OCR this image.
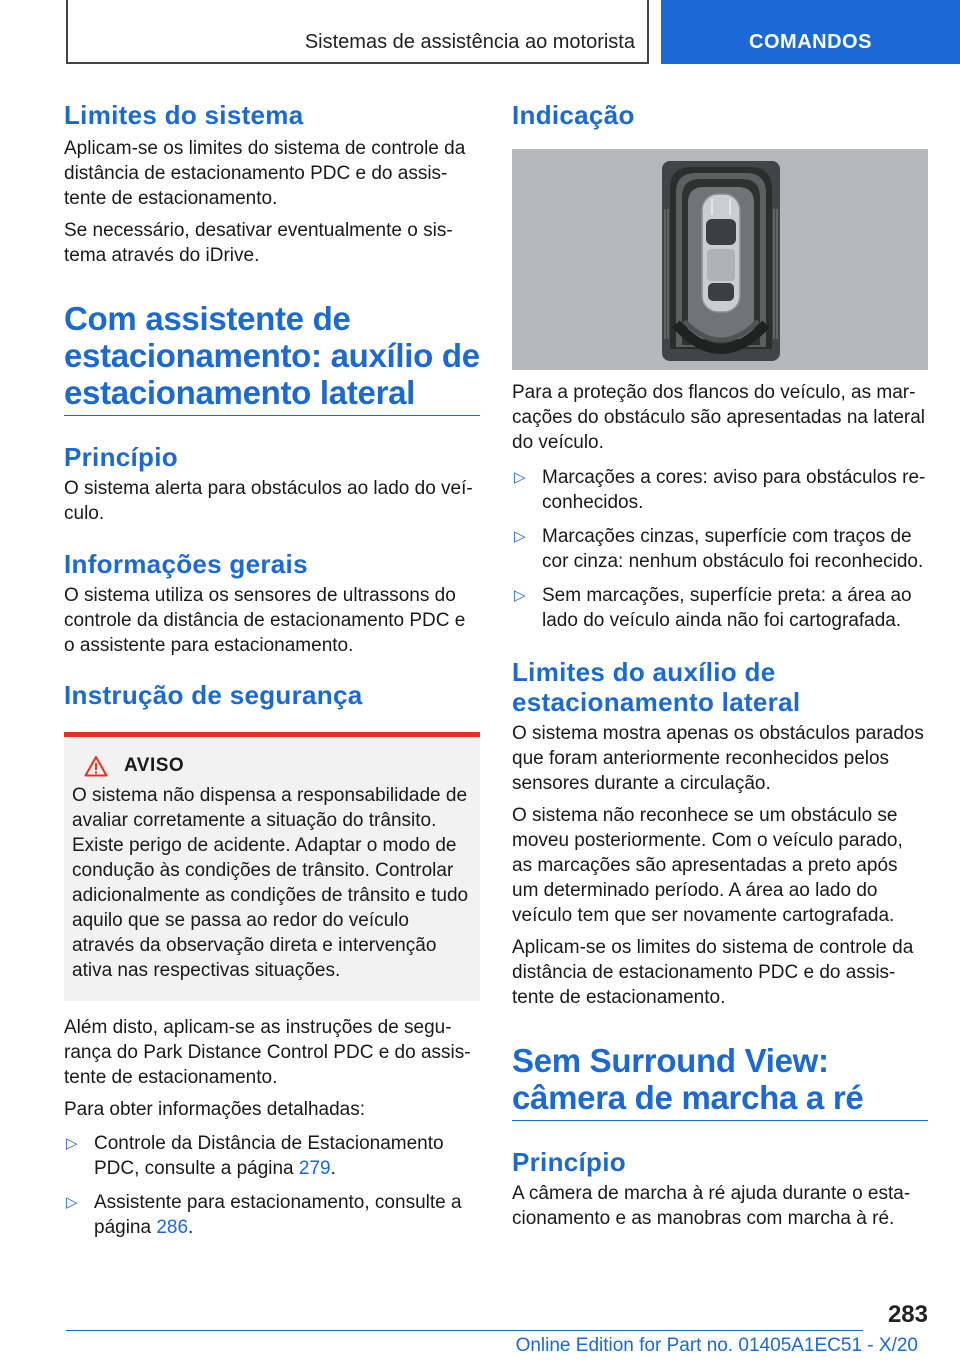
Sistemas de assistência ao motorista	COMANDOS
Limites do sistema

Aplicam-se os limites do sistema de controle da distância de estacionamento PDC e do assis-tente de estacionamento.

Se necessário, desativar eventualmente o sis-tema através do iDrive.

Com assistente de estacionamento: auxílio de estacionamento lateral
Princípio

O sistema alerta para obstáculos ao lado do veí-culo.

Informações gerais

O sistema utiliza os sensores de ultrassons do controle da distância de estacionamento PDC e o assistente para estacionamento.

Instrução de segurança
AVISO

O sistema não dispensa a responsabilidade de avaliar corretamente a situação do trânsito. Existe perigo de acidente. Adaptar o modo de condução às condições de trânsito. Controlar adicionalmente as condições de trânsito e tudo aquilo que se passa ao redor do veículo através da observação direta e intervenção ativa nas respectivas situações.

Além disto, aplicam-se as instruções de segu-rança do Park Distance Control PDC e do assis-tente de estacionamento.

Para obter informações detalhadas:

▷ Controle da Distância de Estacionamento PDC, consulte a página 279.
▷ Assistente para estacionamento, consulte a página 286.
Indicação

Para a proteção dos flancos do veículo, as mar-cações do obstáculo são apresentadas na lateral do veículo.

▷ Marcações a cores: aviso para obstáculos re-conhecidos.
▷ Marcações cinzas, superfície com traços de cor cinza: nenhum obstáculo foi reconhecido.
▷ Sem marcações, superfície preta: a área ao lado do veículo ainda não foi cartografada.
Limites do auxílio de estacionamento lateral

O sistema mostra apenas os obstáculos parados que foram anteriormente reconhecidos pelos sensores durante a circulação.

O sistema não reconhece se um obstáculo se moveu posteriormente. Com o veículo parado, as marcações são apresentadas a preto após um determinado período. A área ao lado do veículo tem que ser novamente cartografada.

Aplicam-se os limites do sistema de controle da distância de estacionamento PDC e do assis-tente de estacionamento.

Sem Surround View: câmera de marcha a ré
Princípio

A câmera de marcha à ré ajuda durante o esta-cionamento e as manobras com marcha à ré.

283
Online Edition for Part no. 01405A1EC51 - X/20
